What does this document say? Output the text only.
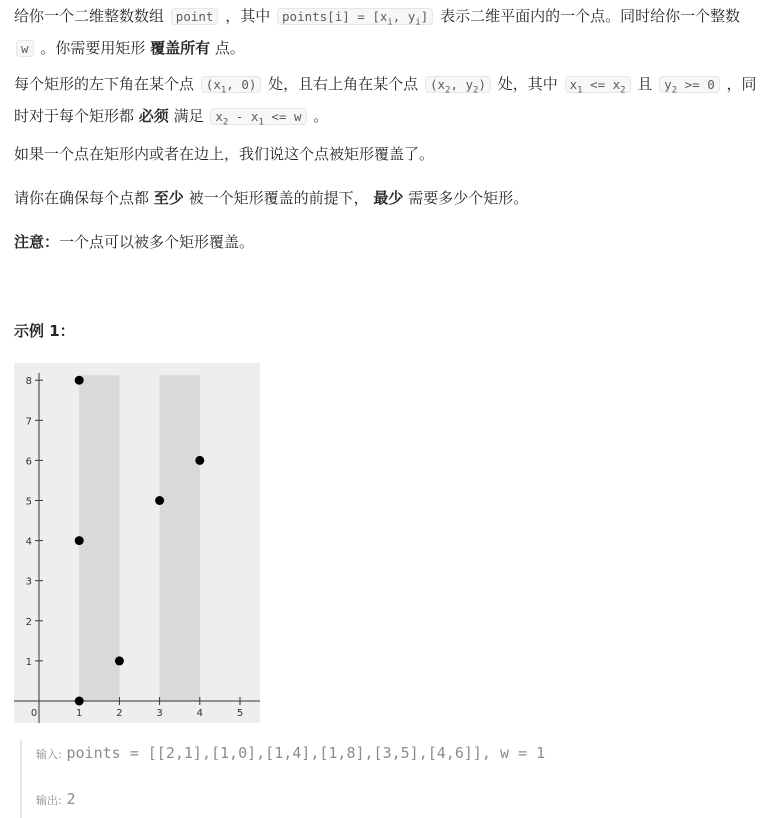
给你一个二维整数数组 point ，其中 points[i] = [$x_i$, $y_i$] 表示二维平面内的一个点。同时给你一个整数 w 。你需要用矩形 覆盖所有 点。

每个矩形的左下角在某个点 ($x_1$, 0) 处，且右上角在某个点 ($x_2$, $y_2$) 处，其中 $x_1 <= x_2$ 且 $y_2 >= 0$ ，同时对于每个矩形都 必须 满足 $x_2 - x_1 <= w$ 。

如果一个点在矩形内或者在边上，我们说这个点被矩形覆盖了。

请你在确保每个点都 至少 被一个矩形覆盖的前提下， 最少 需要多少个矩形。

注意：一个点可以被多个矩形覆盖。

示例 1：

0	1	2	3	4	5
1
2
3
4
5
6
7
8
输入: points = [[2,1],[1,0],[1,4],[1,8],[3,5],[4,6]], w = 1
输出: 2
